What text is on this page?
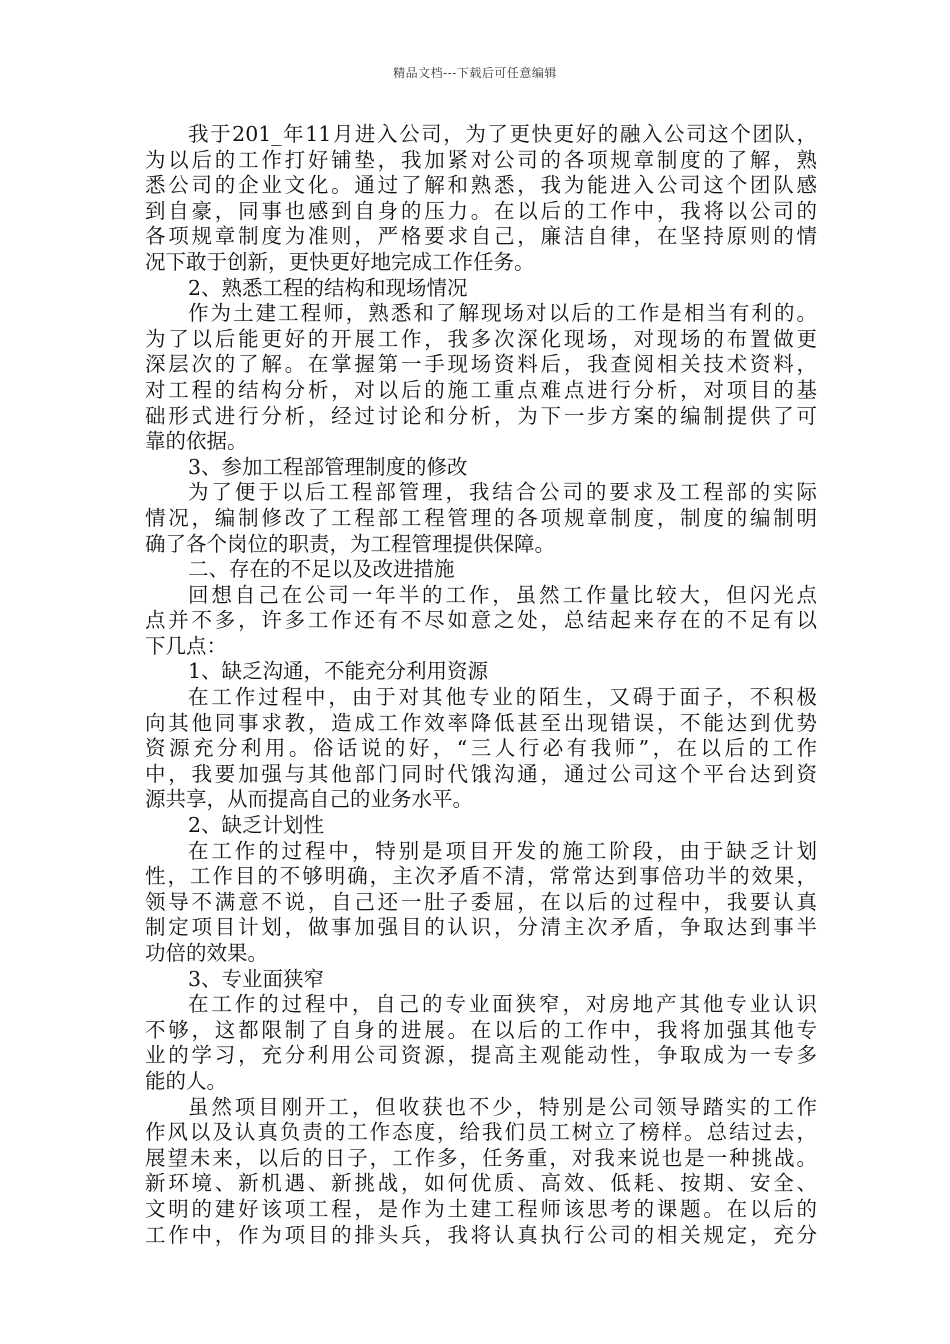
精品文档---下载后可任意编辑
我于201_年11月进入公司，为了更快更好的融入公司这个团队，
为以后的工作打好铺垫，我加紧对公司的各项规章制度的了解，熟
悉公司的企业文化。通过了解和熟悉，我为能进入公司这个团队感
到自豪，同事也感到自身的压力。在以后的工作中，我将以公司的
各项规章制度为准则，严格要求自己，廉洁自律，在坚持原则的情
况下敢于创新，更快更好地完成工作任务。
2、熟悉工程的结构和现场情况
作为土建工程师，熟悉和了解现场对以后的工作是相当有利的。
为了以后能更好的开展工作，我多次深化现场，对现场的布置做更
深层次的了解。在掌握第一手现场资料后，我查阅相关技术资料，
对工程的结构分析，对以后的施工重点难点进行分析，对项目的基
础形式进行分析，经过讨论和分析，为下一步方案的编制提供了可
靠的依据。
3、参加工程部管理制度的修改
为了便于以后工程部管理，我结合公司的要求及工程部的实际
情况，编制修改了工程部工程管理的各项规章制度，制度的编制明
确了各个岗位的职责，为工程管理提供保障。
二、存在的不足以及改进措施
回想自己在公司一年半的工作，虽然工作量比较大，但闪光点
点并不多，许多工作还有不尽如意之处，总结起来存在的不足有以
下几点：
1、缺乏沟通，不能充分利用资源
在工作过程中，由于对其他专业的陌生，又碍于面子，不积极
向其他同事求教，造成工作效率降低甚至出现错误，不能达到优势
资源充分利用。俗话说的好，“三人行必有我师”，在以后的工作
中，我要加强与其他部门同时代饿沟通，通过公司这个平台达到资
源共享，从而提高自己的业务水平。
2、缺乏计划性
在工作的过程中，特别是项目开发的施工阶段，由于缺乏计划
性，工作目的不够明确，主次矛盾不清，常常达到事倍功半的效果，
领导不满意不说，自己还一肚子委屈，在以后的过程中，我要认真
制定项目计划，做事加强目的认识，分清主次矛盾，争取达到事半
功倍的效果。
3、专业面狭窄
在工作的过程中，自己的专业面狭窄，对房地产其他专业认识
不够，这都限制了自身的进展。在以后的工作中，我将加强其他专
业的学习，充分利用公司资源，提高主观能动性，争取成为一专多
能的人。
虽然项目刚开工，但收获也不少，特别是公司领导踏实的工作
作风以及认真负责的工作态度，给我们员工树立了榜样。总结过去，
展望未来，以后的日子，工作多，任务重，对我来说也是一种挑战。
新环境、新机遇、新挑战，如何优质、高效、低耗、按期、安全、
文明的建好该项工程，是作为土建工程师该思考的课题。在以后的
工作中，作为项目的排头兵，我将认真执行公司的相关规定，充分
